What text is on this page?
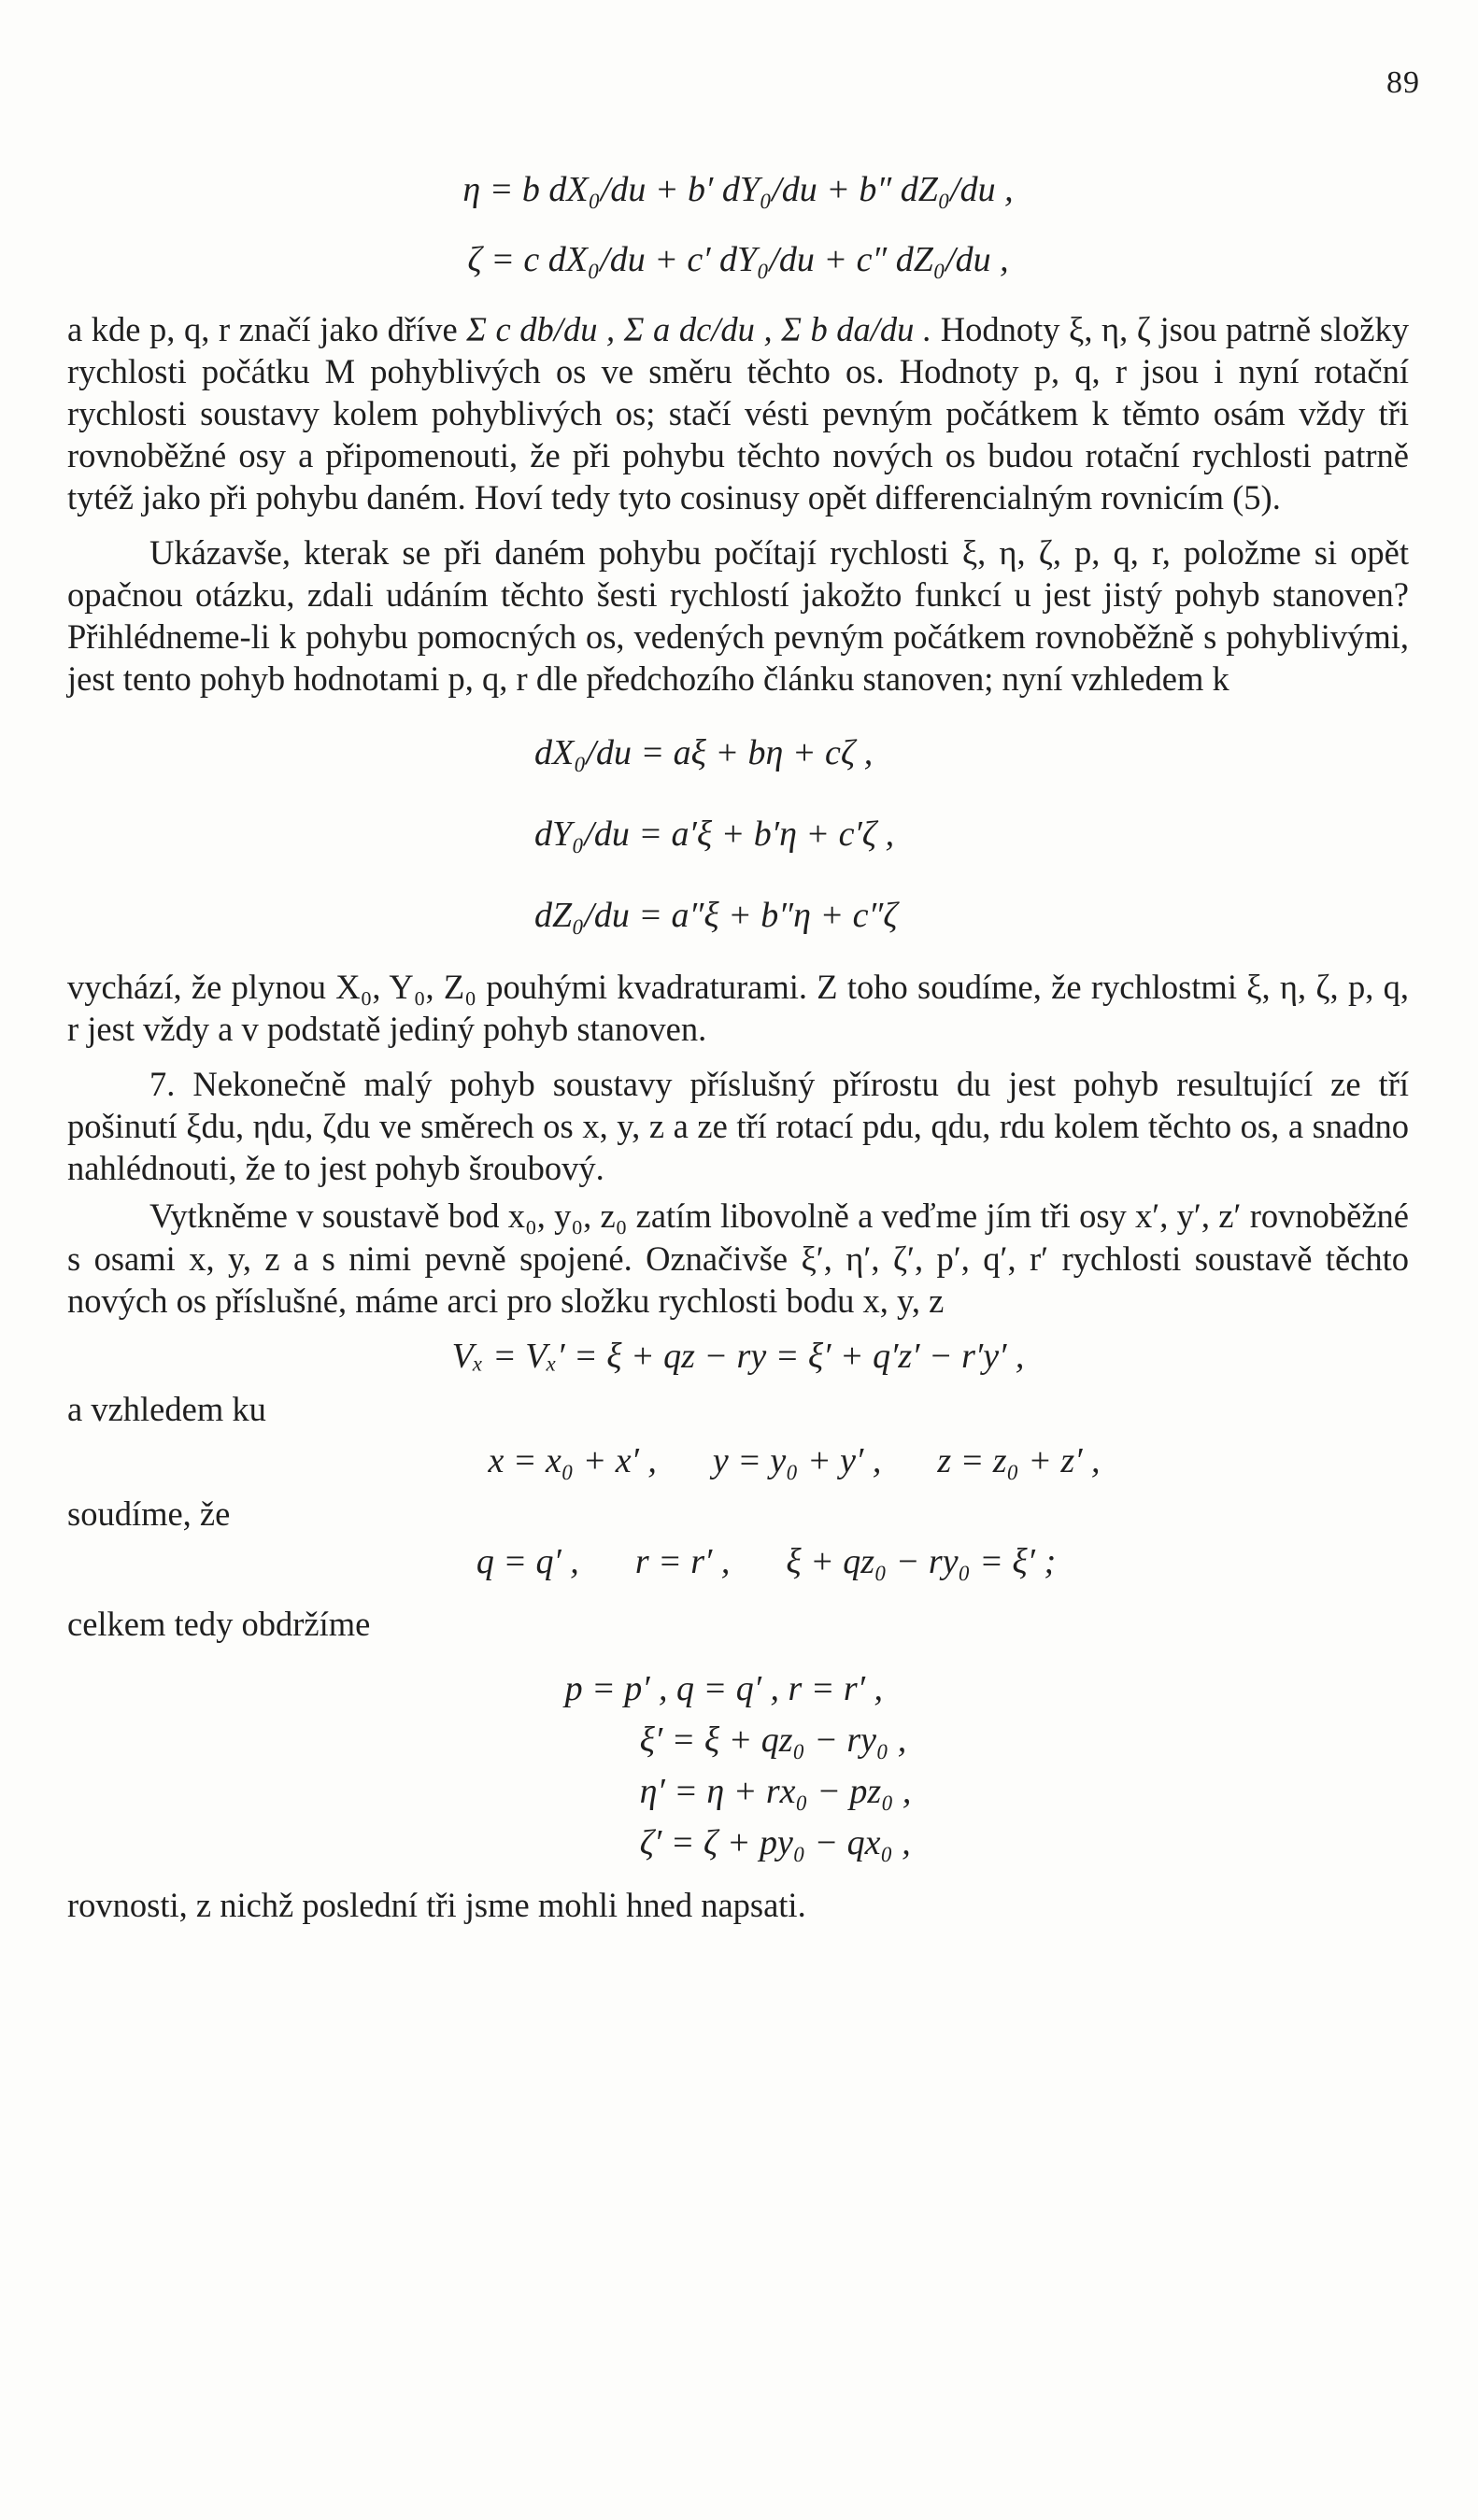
89
η = b dX₀/du + b′ dY₀/du + b″ dZ₀/du ,
ζ = c dX₀/du + c′ dY₀/du + c″ dZ₀/du ,

a kde p, q, r značí jako dříve Σ c db/du , Σ a dc/du , Σ b da/du . Hodnoty ξ, η, ζ jsou patrně složky rychlosti počátku M pohyblivých os ve směru těchto os. Hodnoty p, q, r jsou i nyní rotační rychlosti soustavy kolem pohyblivých os; stačí vésti pevným počátkem k těmto osám vždy tři rovnoběžné osy a připomenouti, že při pohybu těchto nových os budou rotační rychlosti patrně tytéž jako při pohybu daném. Hoví tedy tyto cosinusy opět differencialným rovnicím (5).

Ukázavše, kterak se při daném pohybu počítají rychlosti ξ, η, ζ, p, q, r, položme si opět opačnou otázku, zdali udáním těchto šesti rychlostí jakožto funkcí u jest jistý pohyb stanoven? Přihlédneme-li k pohybu pomocných os, vedených pevným počátkem rovnoběžně s pohyblivými, jest tento pohyb hodnotami p, q, r dle předchozího článku stanoven; nyní vzhledem k

dX₀/du = aξ + bη + cζ ,
dY₀/du = a′ξ + b′η + c′ζ ,
dZ₀/du = a″ξ + b″η + c″ζ

vychází, že plynou X₀, Y₀, Z₀ pouhými kvadraturami. Z toho soudíme, že rychlostmi ξ, η, ζ, p, q, r jest vždy a v podstatě jediný pohyb stanoven.

7. Nekonečně malý pohyb soustavy příslušný přírostu du jest pohyb resultující ze tří pošinutí ξdu, ηdu, ζdu ve směrech os x, y, z a ze tří rotací pdu, qdu, rdu kolem těchto os, a snadno nahlédnouti, že to jest pohyb šroubový.

Vytkněme v soustavě bod x₀, y₀, z₀ zatím libovolně a veďme jím tři osy x′, y′, z′ rovnoběžné s osami x, y, z a s nimi pevně spojené. Označivše ξ′, η′, ζ′, p′, q′, r′ rychlosti soustavě těchto nových os příslušné, máme arci pro složku rychlosti bodu x, y, z

Vₓ = Vₓ′ = ξ + qz − ry = ξ′ + q′z′ − r′y′ ,

a vzhledem ku

x = x₀ + x′ , y = y₀ + y′ , z = z₀ + z′ ,

soudíme, že

q = q′ , r = r′ , ξ + qz₀ − ry₀ = ξ′ ;

celkem tedy obdržíme

p = p′ , q = q′ , r = r′ ,
ξ′ = ξ + qz₀ − ry₀ ,
η′ = η + rx₀ − pz₀ ,
ζ′ = ζ + py₀ − qx₀ ,

rovnosti, z nichž poslední tři jsme mohli hned napsati.
